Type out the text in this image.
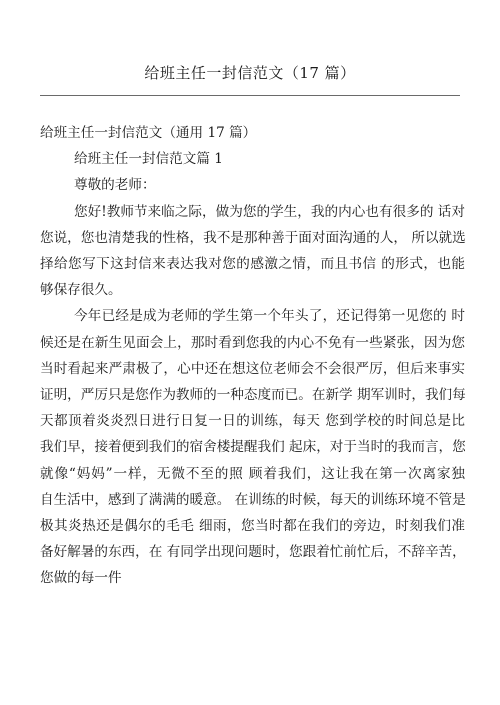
给班主任一封信范文（17 篇）

给班主任一封信范文（通用 17 篇）

给班主任一封信范文篇 1

尊敬的老师：

您好!教师节来临之际，做为您的学生，我的内心也有很多的 话对
您说，您也清楚我的性格，我不是那种善于面对面沟通的人， 所以就选
择给您写下这封信来表达我对您的感激之情，而且书信 的形式，也能
够保存很久。
今年已经是成为老师的学生第一个年头了，还记得第一见您的 时
候还是在新生见面会上，那时看到您我的内心不免有一些紧张，因为您
当时看起来严肃极了，心中还在想这位老师会不会很严厉，但后来事实
证明，严厉只是您作为教师的一种态度而已。在新学 期军训时，我们每
天都顶着炎炎烈日进行日复一日的训练，每天 您到学校的时间总是比
我们早，接着便到我们的宿舍楼提醒我们 起床，对于当时的我而言，您
就像“妈妈”一样，无微不至的照 顾着我们，这让我在第一次离家独
自生活中，感到了满满的暖意。 在训练的时候，每天的训练环境不管是
极其炎热还是偶尔的毛毛 细雨，您当时都在我们的旁边，时刻我们准
备好解暑的东西，在 有同学出现问题时，您跟着忙前忙后，不辞辛苦，
您做的每一件
